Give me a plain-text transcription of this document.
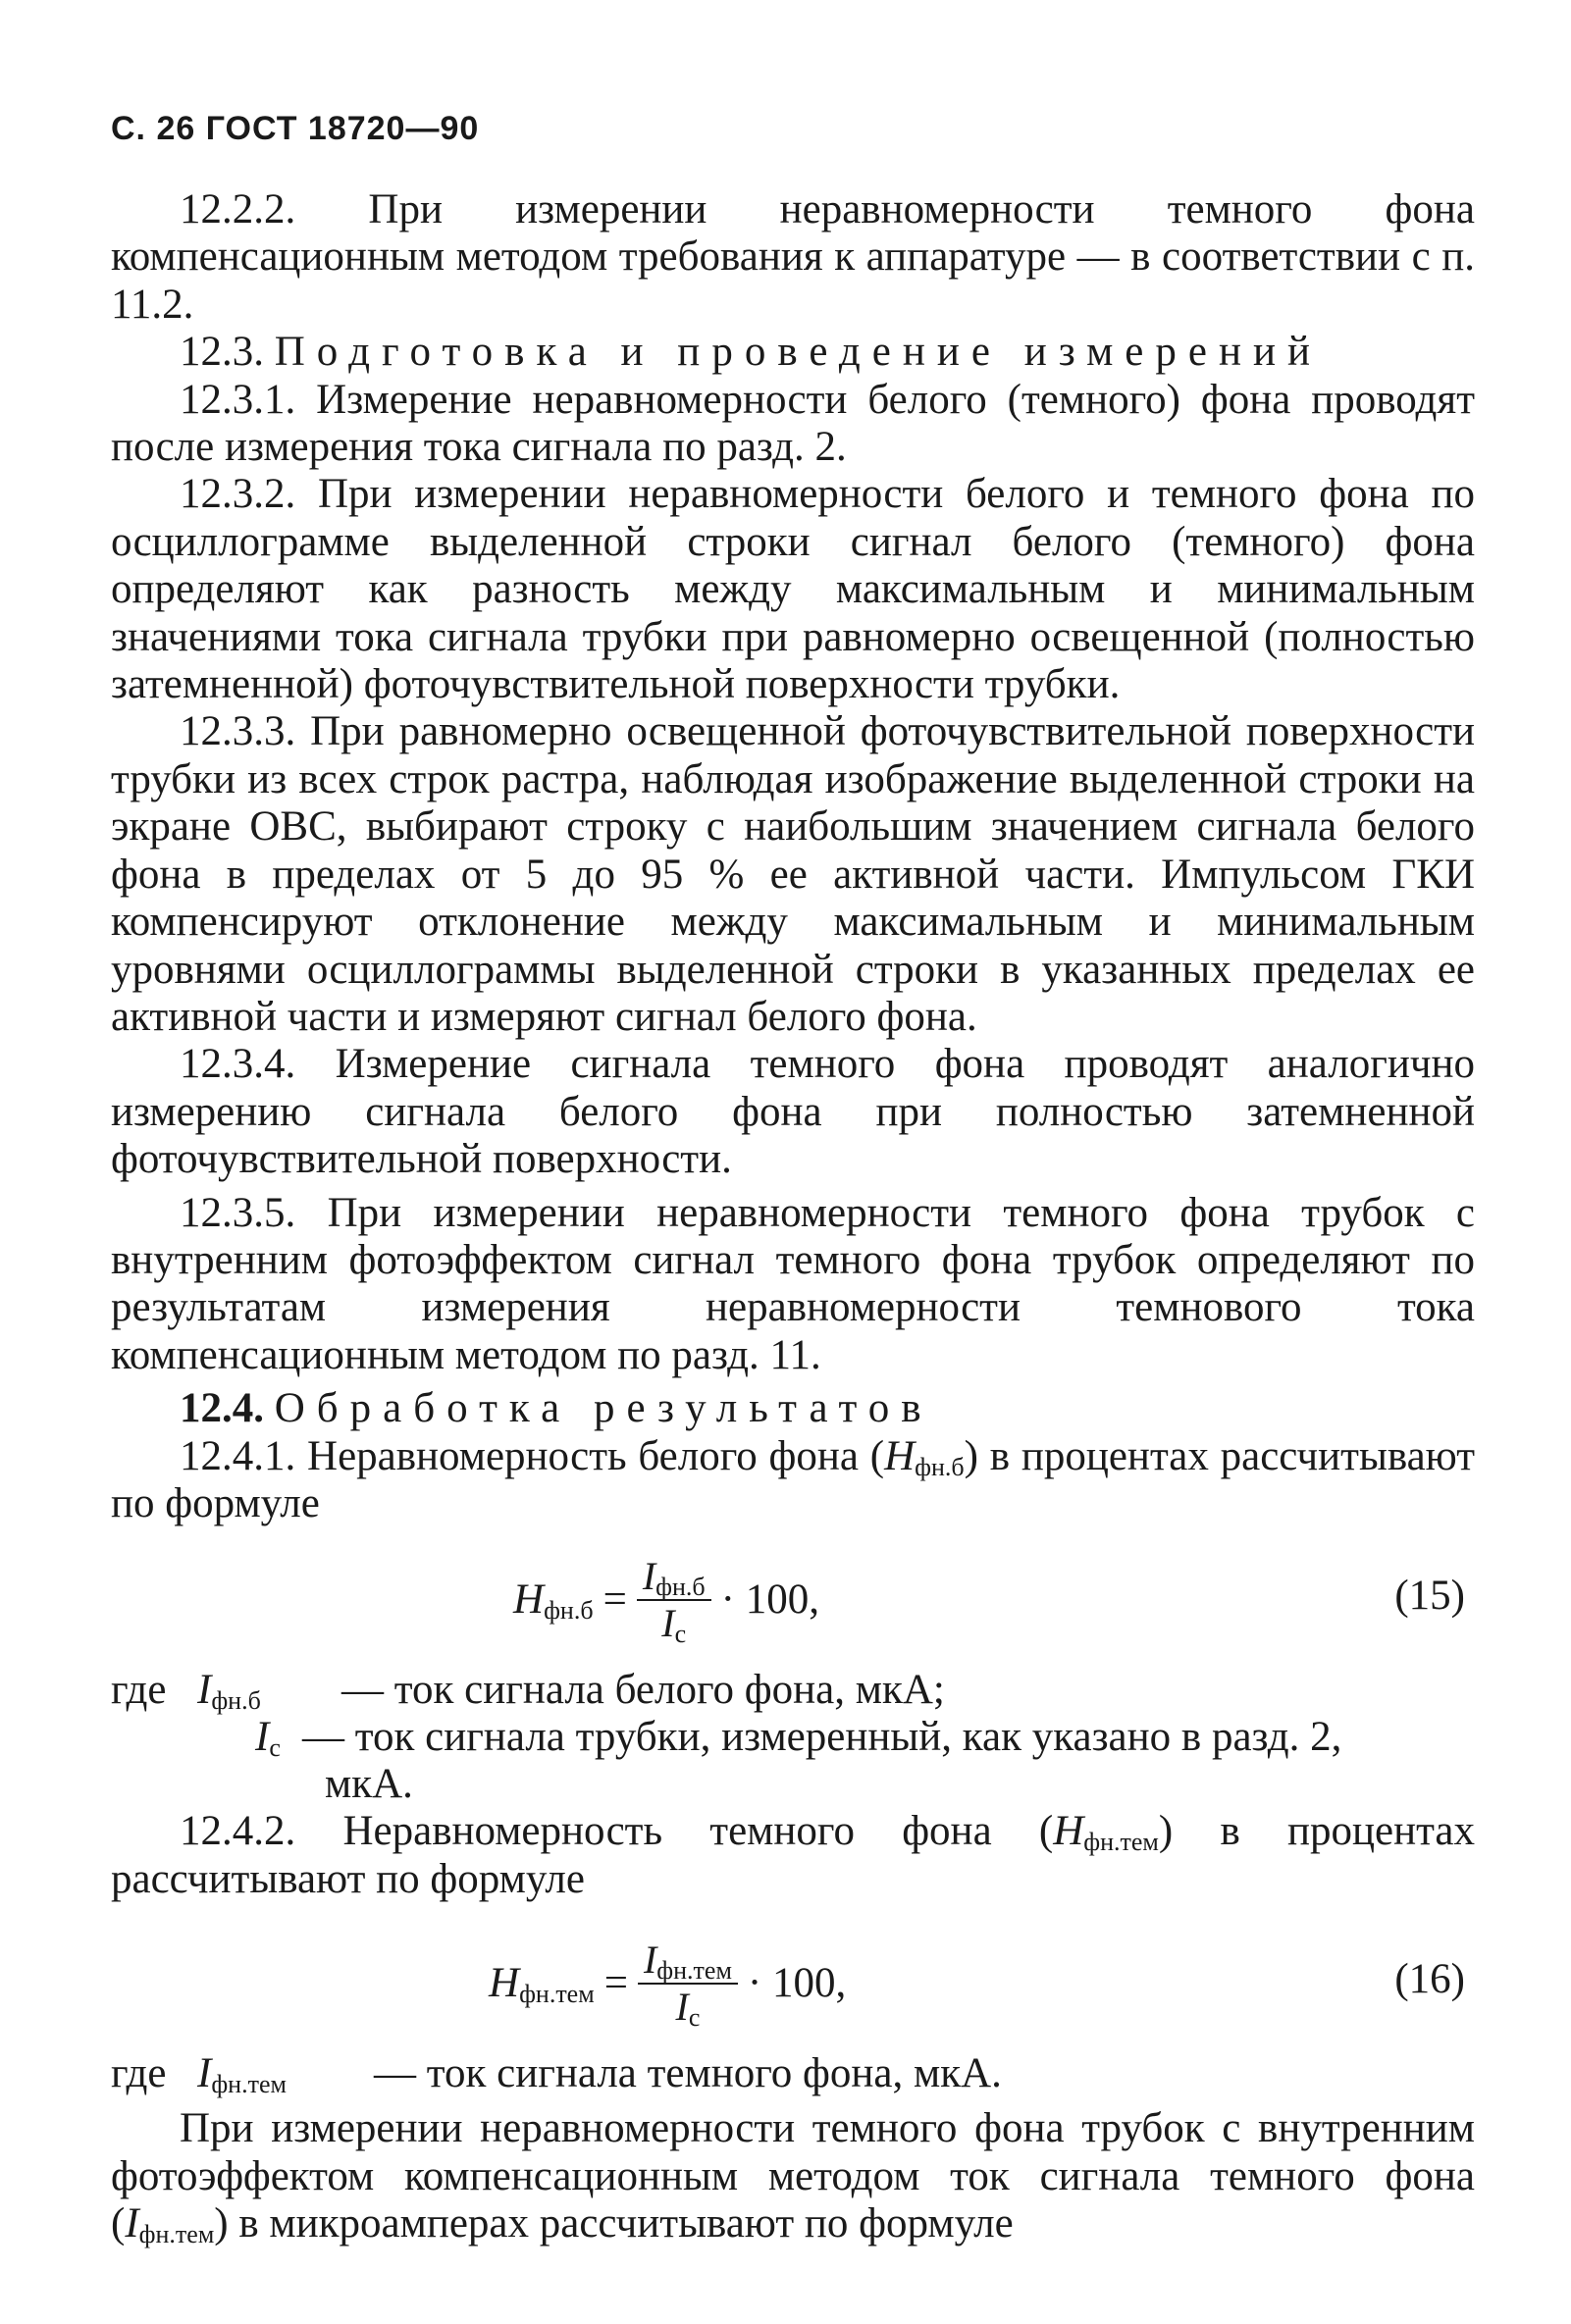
С. 26 ГОСТ 18720—90

12.2.2. При измерении неравномерности темного фона компенсационным методом требования к аппаратуре — в соответствии с п. 11.2.

12.3. Подготовка и проведение измерений

12.3.1. Измерение неравномерности белого (темного) фона проводят после измерения тока сигнала по разд. 2.

12.3.2. При измерении неравномерности белого и темного фона по осциллограмме выделенной строки сигнал белого (темного) фона определяют как разность между максимальным и минимальным значениями тока сигнала трубки при равномерно освещенной (полностью затемненной) фоточувствительной поверхности трубки.

12.3.3. При равномерно освещенной фоточувствительной поверхности трубки из всех строк растра, наблюдая изображение выделенной строки на экране ОВС, выбирают строку с наибольшим значением сигнала белого фона в пределах от 5 до 95 % ее активной части. Импульсом ГКИ компенсируют отклонение между максимальным и минимальным уровнями осциллограммы выделенной строки в указанных пределах ее активной части и измеряют сигнал белого фона.

12.3.4. Измерение сигнала темного фона проводят аналогично измерению сигнала белого фона при полностью затемненной фоточувствительной поверхности.

12.3.5. При измерении неравномерности темного фона трубок с внутренним фотоэффектом сигнал темного фона трубок определяют по результатам измерения неравномерности темнового тока компенсационным методом по разд. 11.

12.4. Обработка результатов

12.4.1. Неравномерность белого фона $(H_{фн.б})$ в процентах рассчитывают по формуле

$H_{фн.б} = \frac{I_{фн.б}}{I_с} \cdot 100$,	(15)
где $I_{фн.б}$ — ток сигнала белого фона, мкА;
$I_с$ — ток сигнала трубки, измеренный, как указано в разд. 2,
мкА.

12.4.2. Неравномерность темного фона $(H_{фн.тем})$ в процентах рассчитывают по формуле

$H_{фн.тем} = \frac{I_{фн.тем}}{I_с} \cdot 100$,	(16)
где $I_{фн.тем}$ — ток сигнала темного фона, мкА.

При измерении неравномерности темного фона трубок с внутренним фотоэффектом компенсационным методом ток сигнала темного фона $(I_{фн.тем})$ в микроамперах рассчитывают по формуле
